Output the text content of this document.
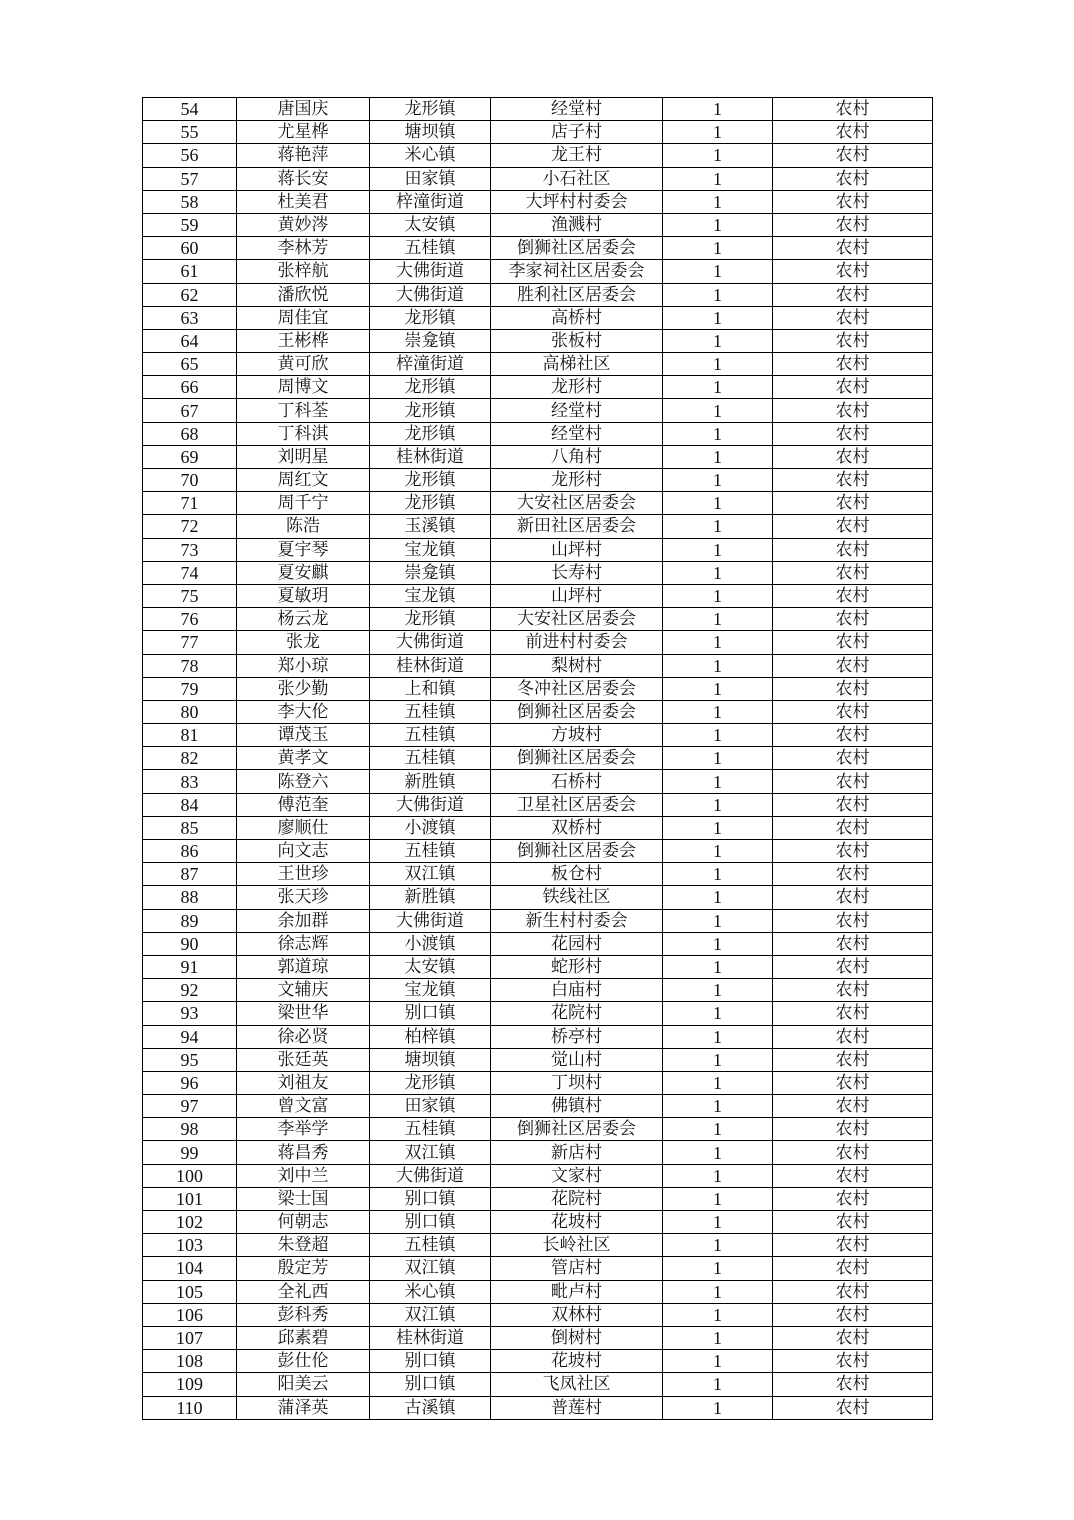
54	唐国庆	龙形镇	经堂村	1	农村
55	尤星桦	塘坝镇	店子村	1	农村
56	蒋艳萍	米心镇	龙王村	1	农村
57	蒋长安	田家镇	小石社区	1	农村
58	杜美君	梓潼街道	大坪村村委会	1	农村
59	黄妙涔	太安镇	渔溅村	1	农村
60	李林芳	五桂镇	倒狮社区居委会	1	农村
61	张梓航	大佛街道	李家祠社区居委会	1	农村
62	潘欣悦	大佛街道	胜利社区居委会	1	农村
63	周佳宜	龙形镇	高桥村	1	农村
64	王彬桦	崇龛镇	张板村	1	农村
65	黄可欣	梓潼街道	高梯社区	1	农村
66	周博文	龙形镇	龙形村	1	农村
67	丁科荃	龙形镇	经堂村	1	农村
68	丁科淇	龙形镇	经堂村	1	农村
69	刘明星	桂林街道	八角村	1	农村
70	周红文	龙形镇	龙形村	1	农村
71	周千宁	龙形镇	大安社区居委会	1	农村
72	陈浩	玉溪镇	新田社区居委会	1	农村
73	夏宇琴	宝龙镇	山坪村	1	农村
74	夏安麒	崇龛镇	长寿村	1	农村
75	夏敏玥	宝龙镇	山坪村	1	农村
76	杨云龙	龙形镇	大安社区居委会	1	农村
77	张龙	大佛街道	前进村村委会	1	农村
78	郑小琼	桂林街道	梨树村	1	农村
79	张少勤	上和镇	冬冲社区居委会	1	农村
80	李大伦	五桂镇	倒狮社区居委会	1	农村
81	谭茂玉	五桂镇	方坡村	1	农村
82	黄孝文	五桂镇	倒狮社区居委会	1	农村
83	陈登六	新胜镇	石桥村	1	农村
84	傅范奎	大佛街道	卫星社区居委会	1	农村
85	廖顺仕	小渡镇	双桥村	1	农村
86	向文志	五桂镇	倒狮社区居委会	1	农村
87	王世珍	双江镇	板仓村	1	农村
88	张天珍	新胜镇	铁线社区	1	农村
89	余加群	大佛街道	新生村村委会	1	农村
90	徐志辉	小渡镇	花园村	1	农村
91	郭道琼	太安镇	蛇形村	1	农村
92	文辅庆	宝龙镇	白庙村	1	农村
93	梁世华	别口镇	花院村	1	农村
94	徐必贤	柏梓镇	桥亭村	1	农村
95	张廷英	塘坝镇	觉山村	1	农村
96	刘祖友	龙形镇	丁坝村	1	农村
97	曾文富	田家镇	佛镇村	1	农村
98	李举学	五桂镇	倒狮社区居委会	1	农村
99	蒋昌秀	双江镇	新店村	1	农村
100	刘中兰	大佛街道	文家村	1	农村
101	梁士国	别口镇	花院村	1	农村
102	何朝志	别口镇	花坡村	1	农村
103	朱登超	五桂镇	长岭社区	1	农村
104	殷定芳	双江镇	管店村	1	农村
105	全礼西	米心镇	毗卢村	1	农村
106	彭科秀	双江镇	双林村	1	农村
107	邱素碧	桂林街道	倒树村	1	农村
108	彭仕伦	别口镇	花坡村	1	农村
109	阳美云	别口镇	飞凤社区	1	农村
110	蒲泽英	古溪镇	普莲村	1	农村
